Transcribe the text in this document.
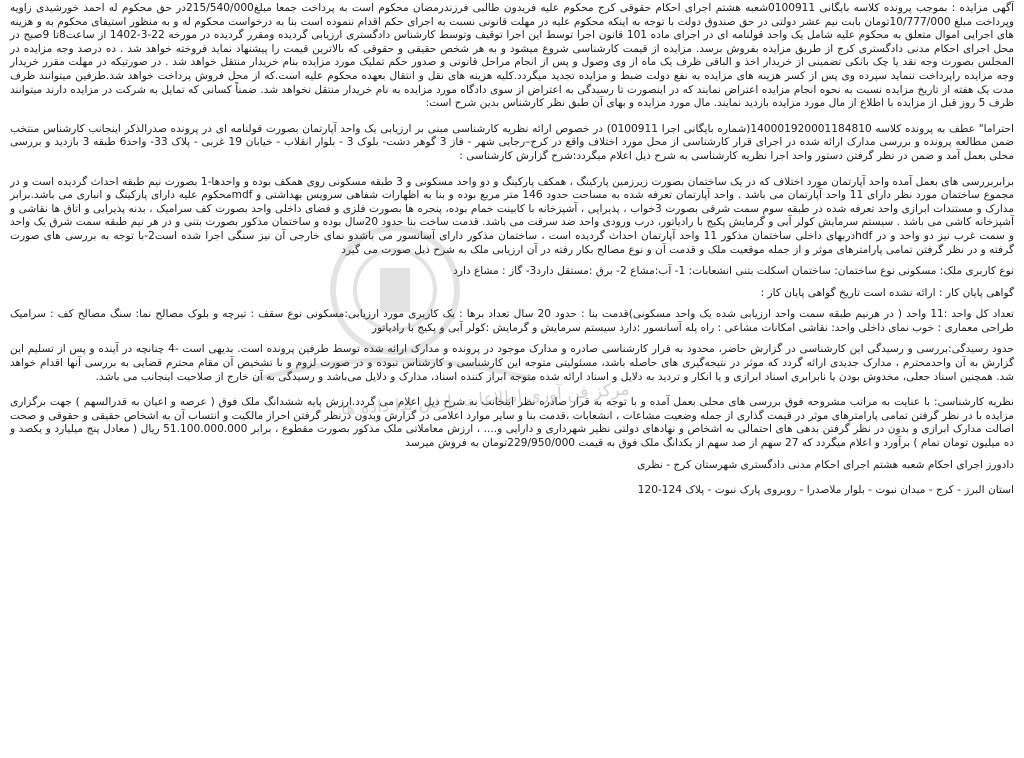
مرکز فن آوری اطلاعات پارس ندا داده ها

آگهی مزایده : بموجب پرونده کلاسه بایگانی 0100911شعبه هشتم اجرای احکام حقوقی کرج محکوم علیه فریدون طالبی فرزندرمضان محکوم است به پرداخت جمعا مبلغ215/540/000در حق محکوم له احمد خورشیدی زاویه وپرداخت مبلغ 10/777/000تومان بابت نیم عشر دولتی در حق صندوق دولت با توجه به اینکه محکوم علیه در مهلت قانونی نسبت به اجرای حکم اقدام ننموده است بنا به درخواست محکوم له و به منظور استیفای محکوم به و هزینه های اجرایی اموال متعلق به محکوم علیه شامل یک واحد قولنامه ای در اجرای ماده 101 قانون اجرا توسط این اجرا توقیف وتوسط کارشناس دادگستری ارزیابی گردیده ومقرر گردیده در مورخه 22-3-1402 از ساعت8تا 9صبح در محل اجرای احکام مدنی دادگستری کرج از طریق مزایده بفروش برسد. مزایده از قیمت کارشناسی شروع میشود و به هر شخص حقیقی و حقوقی که بالاترین قیمت را پیشنهاد نماید فروخته خواهد شد . ده درصد وجه مزایده در المجلس بصورت وجه نقد یا چک بانکی تضمینی از خریدار اخذ و الباقی ظرف یک ماه از وی وصول و پس از انجام مراحل قانونی و صدور حکم تملیک مورد مزایده بنام خریدار منتقل خواهد شد . در صورتیکه در مهلت مقرر خریدار وجه مزایده راپرداخت ننماید سپرده وی پس از کسر هزینه های مزایده به نفع دولت ضبط و مزایده تجدید میگردد.کلیه هزینه های نقل و انتقال بعهده محکوم علیه است.که از محل فروش پرداخت خواهد شد.طرفین میتوانند ظرف مدت یک هفته از تاریخ مزایده نسبت به نحوه انجام مزایده اعتراض نمایند که در اینصورت تا رسیدگی به اعتراض از سوی دادگاه مورد مزایده به نام خریدار منتقل نخواهد شد. ضمناً کسانی که تمایل به شرکت در مزایده دارند میتوانند ظرف 5 روز قبل از مزایده با اطلاع از مال مورد مزایده بازدید نمایند. مال مورد مزایده و بهای آن طبق نظر کارشناس بدین شرح است:

احتراما" عطف به پرونده کلاسه 140001920001184810(شماره بایگانی اجرا 0100911) در خصوص ارائه نظریه کارشناسی مبنی بر ارزیابی یک واحد آپارتمان بصورت قولنامه ای در پرونده صدرالذکر اینجانب کارشناس منتخب ضمن مطالعه پرونده و بررسی مدارک ارائه شده در اجرای قرار کارشناسی از محل مورد اختلاف واقع در کرج–رجایی شهر - فاز 3 گوهر دشت- بلوک 3 - بلوار انقلاب - خیابان 19 غربی - پلاک 33- واحد6 طبقه 3 بازدید و بررسی محلی بعمل آمد و ضمن در نظر گرفتن دستور واحد اجرا نظریه کارشناسی به شرح ذیل اعلام میگردد:شرح گزارش کارشناسی :

برابربررسی های بعمل آمده واحد آپارتمان مورد اختلاف که در یک ساختمان بصورت زیرزمین پارکینگ ، همکف پارکینگ و دو واحد مسکونی و 3 طبقه مسکونی روی همکف بوده و واحدها-1 بصورت نیم طبقه احداث گردیده است و در مجموع ساختمان مورد نظر دارای 11 واحد آپارتمان می باشد . واحد آپارتمان تعرفه شده به مساحت حدود 146 متر مربع بوده و بنا به اظهارات شفاهی سرویس بهداشتی و mdfمحکوم علیه دارای پارکینگ و انباری می باشد.برابر مدارک و مستندات ابرازی واحد تعرفه شده در طبقه سوم سمت شرقی بصورت 3خواب ، پذیرایی ، آشپزخانه با کابینت خمام بوده، پنجره ها بصورت فلزی و فضای داخلی واحد بصورت کف سرامیک ، بدنه پذیرایی و اتاق ها نقاشی و آشپزخانه کاشی می باشد . سیستم سرمایش کولر آبی و گرمایش پکیج با رادیاتور، درب ورودی واحد ضد سرقت می باشد. قدمت ساخت بنا حدود 20سال بوده و ساختمان مذکور بصورت بتنی و در هر نیم طبقه سمت شرق یک واحد و سمت غرب نیز دو واحد و در hdfدربهای داخلی ساختمان مذکور 11 واحد آپارتمان احداث گردیده است ، ساختمان مذکور دارای آسانسور می باشدو نمای خارجی آن نیز سنگی اجرا شده است2-با توجه به بررسی های صورت گرفته و در نظر گرفتن تمامی پارامترهای موثر و از جمله موقعیت ملک و قدمت آن و نوع مصالح بکار رفته در آن ارزیابی ملک به شرح ذیل صورت می گیرد

نوع کاربری ملک: مسکونی نوع ساختمان: ساختمان اسکلت بتنی انشعابات: 1- آب:مشاع 2- برق :مستقل دارد3- گاز : مشاع دارد

گواهی پایان کار : ارائه نشده است تاریخ گواهی پایان کار :

تعداد کل واحد :11 واحد ( در هرنیم طبقه سمت واحد ارزیابی شده یک واحد مسکونی)قدمت بنا : حدود 20 سال تعداد برها : یک کاربری مورد ارزیابی:مسکونی نوع سقف : تیرچه و بلوک مصالح نما: سنگ مصالح کف : سرامیک طراحی معماری : خوب نمای داخلی واحد: نقاشی امکانات مشاعی : راه پله آسانسور :دارد سیستم سرمایش و گرمایش :کولر آبی و پکیج با رادیاتور

حدود رسیدگی:بررسی و رسیدگی این کارشناسی در گزارش حاضر، محدود به قرار کارشناسی صادره و مدارک موجود در پرونده و مدارک ارائه شده توسط طرفین پرونده است. بدیهی است -4 چنانچه در آینده و پس از تسلیم این گزارش به آن واحدمحترم ، مدارک جدیدی ارائه گردد که موثر در نتیجه‌گیری های حاصله باشد، مسئولیتی متوجه این کارشناسی و کارشناس نبوده و در صورت لزوم و با تشخیص آن مقام محترم قضایی به بررسی آنها اقدام خواهد شد. همچنین اسناد جعلی، مخدوش بودن یا نابرابری اسناد ابرازی و یا انکار و تردید به دلایل و اسناد ارائه شده متوجه ابراز کننده اسناد، مدارک و دلایل می‌باشد و رسیدگی به آن خارج از صلاحیت اینجانب می باشد.

نظریه کارشناسی: با عنایت به مراتب مشروحه فوق بررسی های محلی بعمل آمده و با توجه به قرار صادره نظر اینجانب به شرح ذیل اعلام می گردد.ارزش پایه ششدانگ ملک فوق ( عرصه و اعیان به قدرالسهم ) جهت برگزاری مزایده با در نظر گرفتن تمامی پارامترهای موثر در قیمت گذاری از جمله وضعیت مشاعات ، انشعابات ،قدمت بنا و سایر موارد اعلامی در گزارش وبدون درنظر گرفتن احراز مالکیت و انتساب آن به اشخاص حقیقی و حقوقی و صحت اصالت مدارک ابرازی و بدون در نظر گرفتن بدهی های احتمالی به اشخاص و نهادهای دولتی نظیر شهرداری و دارایی و.... ، ارزش معاملاتی ملک مذکور بصورت مقطوع ، برابر 51.100.000.000 ریال ( معادل پنج میلیارد و یکصد و ده میلیون تومان تمام ) برآورد و اعلام میگردد که 27 سهم از صد سهم از یکدانگ ملک فوق به قیمت 229/950/000تومان به فروش میرسد

دادورز اجرای احکام شعبه هشتم اجرای احکام مدنی دادگستری شهرستان کرج - نظری

استان البرز - کرج - میدان نبوت - بلوار ملاصدرا - روبروی پارک نبوت - پلاک 124-120
